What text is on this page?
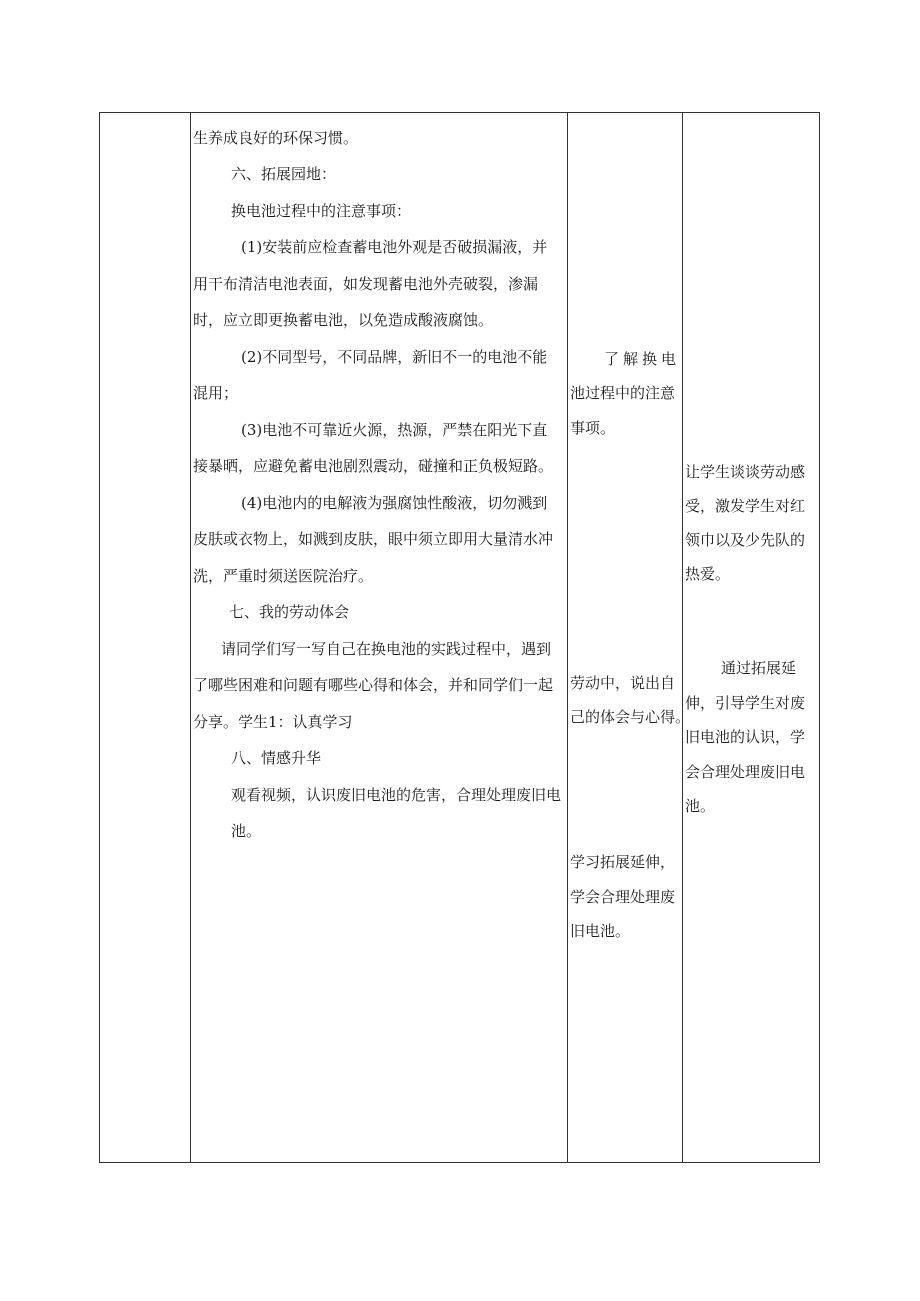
生养成良好的环保习惯。
六、拓展园地：
换电池过程中的注意事项：
(1)安装前应检查蓄电池外观是否破损漏液，并
用干布清洁电池表面，如发现蓄电池外壳破裂，渗漏
时，应立即更换蓄电池，以免造成酸液腐蚀。
(2)不同型号，不同品牌，新旧不一的电池不能
混用；
(3)电池不可靠近火源，热源，严禁在阳光下直
接暴晒，应避免蓄电池剧烈震动，碰撞和正负极短路。
(4)电池内的电解液为强腐蚀性酸液，切勿溅到
皮肤或衣物上，如溅到皮肤，眼中须立即用大量清水冲
洗，严重时须送医院治疗。
七、我的劳动体会
请同学们写一写自己在换电池的实践过程中，遇到
了哪些困难和问题有哪些心得和体会，并和同学们一起
分享。学生1：认真学习
八、情感升华
观看视频，认识废旧电池的危害，合理处理废旧电
池。
了解换电
池过程中的注意
事项。
劳动中，说出自
己的体会与心得。
学习拓展延伸，
学会合理处理废
旧电池。
让学生谈谈劳动感
受，激发学生对红
领巾以及少先队的
热爱。
通过拓展延
伸，引导学生对废
旧电池的认识，学
会合理处理废旧电
池。
